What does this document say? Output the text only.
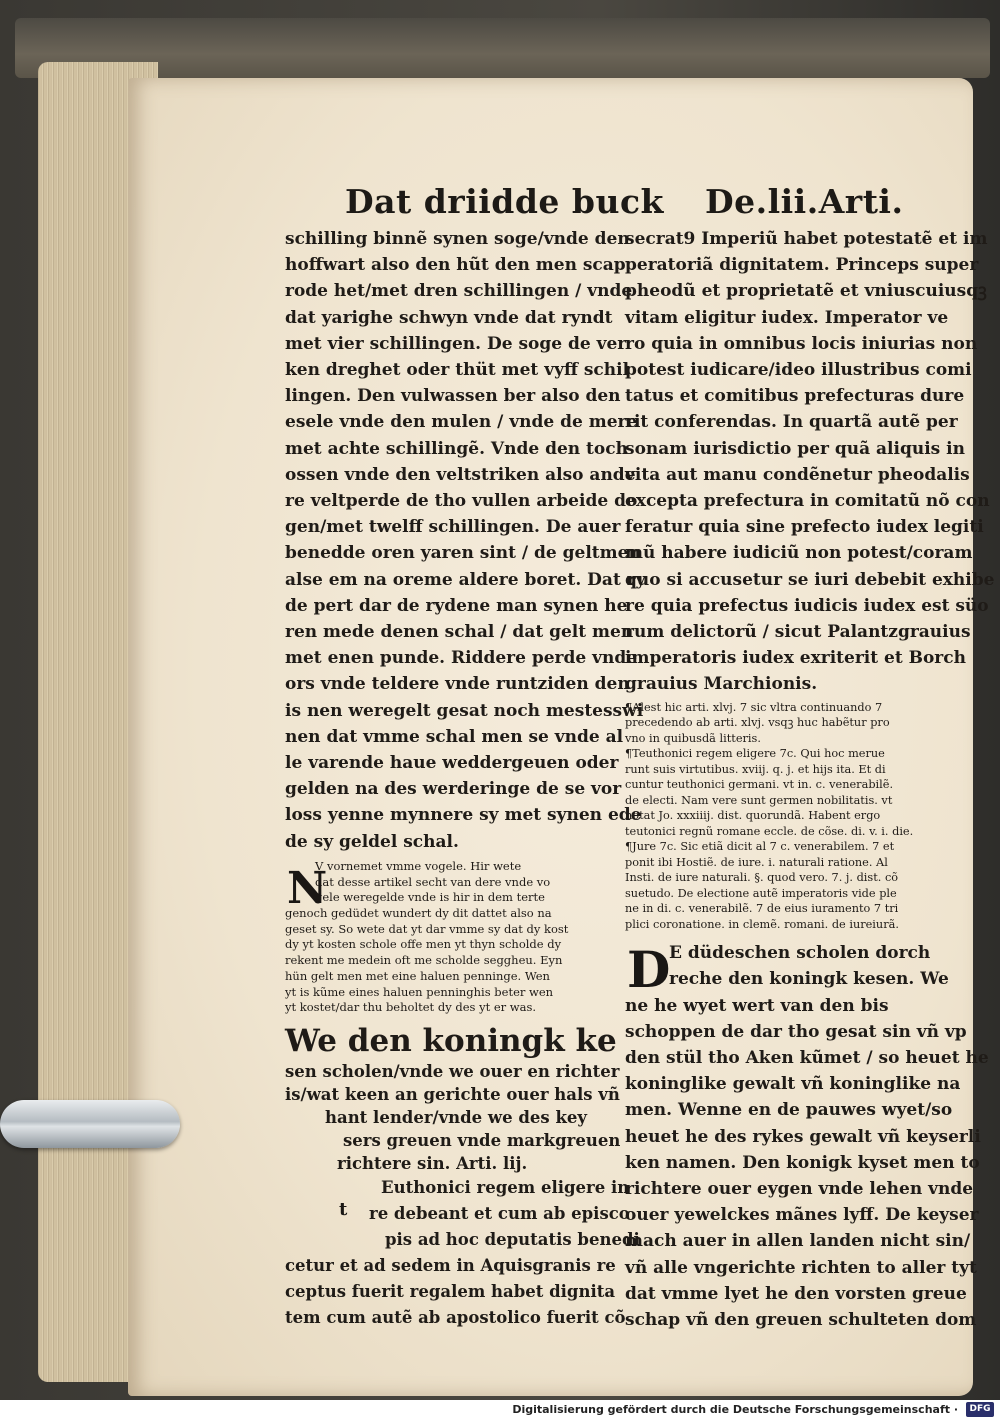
Dat driidde buck De.lii.Arti.
schilling binnẽ synen soge/vnde den
hoffwart also den hũt den men scap
rode het/met dren schillingen / vnde
dat yarighe schwyn vnde dat ryndt
met vier schillingen. De soge de ver
ken dreghet oder thüt met vyff schil
lingen. Den vulwassen ber also den
esele vnde den mulen / vnde de mere
met achte schillingẽ. Vnde den toch
ossen vnde den veltstriken also ande
re veltperde de tho vullen arbeide do
gen/met twelff schillingen. De auer
benedde oren yaren sint / de geltmen
alse em na oreme aldere boret. Dat ry
de pert dar de rydene man synen he
ren mede denen schal / dat gelt men
met enen punde. Riddere perde vnde
ors vnde teldere vnde runtziden den
is nen weregelt gesat noch mestesswi
nen dat vmme schal men se vnde al
le varende haue weddergeuen oder
gelden na des werderinge de se vor
loss yenne mynnere sy met synen ede
de sy geldel schal.
N
V vornemet vmme vogele. Hir wete
dat desse artikel secht van dere vnde vo
gele weregelde vnde is hir in dem terte
genoch gedüdet wundert dy dit dattet also na
geset sy. So wete dat yt dar vmme sy dat dy kost
dy yt kosten schole offe men yt thyn scholde dy
rekent me medein oft me scholde seggheu. Eyn
hün gelt men met eine haluen penninge. Wen
yt is kũme eines haluen penninghis beter wen
yt kostet/dar thu beholtet dy des yt er was.
We den koningk ke
sen scholen/vnde we ouer en richter
is/wat keen an gerichte ouer hals vñ
hant lender/vnde we des key
sers greuen vnde markgreuen
richtere sin. Arti. lij.
t
Euthonici regem eligere in
re debeant et cum ab episco
pis ad hoc deputatis benedi
cetur et ad sedem in Aquisgranis re
ceptus fuerit regalem habet dignita
tem cum autẽ ab apostolico fuerit cõ
secrat9 Imperiũ habet potestatẽ et im
peratoriã dignitatem. Princeps super
pheodũ et proprietatẽ et vniuscuiusqꝫ
vitam eligitur iudex. Imperator ve
ro quia in omnibus locis iniurias non
potest iudicare/ideo illustribus comi
tatus et comitibus prefecturas dure
rit conferendas. In quartã autẽ per
sonam iurisdictio per quã aliquis in
vita aut manu condẽnetur pheodalis
excepta prefectura in comitatũ nõ con
feratur quia sine prefecto iudex legiti
mũ habere iudiciũ non potest/coram
quo si accusetur se iuri debebit exhibe
re quia prefectus iudicis iudex est süo
rum delictorũ / sicut Palantzgrauius
imperatoris iudex exriterit et Borch
grauius Marchionis.
¶Alest hic arti. xlvj. 7 sic vltra continuando 7
precedendo ab arti. xlvj. vsqꝫ huc habẽtur pro
vno in quibusdã litteris.
¶Teuthonici regem eligere 7c. Qui hoc merue
runt suis virtutibus. xviij. q. j. et hijs ita. Et di
cuntur teuthonici germani. vt in. c. venerabilẽ.
de electi. Nam vere sunt germen nobilitatis. vt
notat Jo. xxxiiij. dist. quorundã. Habent ergo
teutonici regnũ romane eccle. de cõse. di. v. i. die.
¶Jure 7c. Sic etiã dicit al 7 c. venerabilem. 7 et
ponit ibi Hostiẽ. de iure. i. naturali ratione. Al
Insti. de iure naturali. §. quod vero. 7. j. dist. cõ
suetudo. De electione autẽ imperatoris vide ple
ne in di. c. venerabilẽ. 7 de eius iuramento 7 tri
plici coronatione. in clemẽ. romani. de iureiurã.
D
E düdeschen scholen dorch
reche den koningk kesen. We
ne he wyet wert van den bis
schoppen de dar tho gesat sin vñ vp
den stül tho Aken kũmet / so heuet he
koninglike gewalt vñ koninglike na
men. Wenne en de pauwes wyet/so
heuet he des rykes gewalt vñ keyserli
ken namen. Den konigk kyset men to
richtere ouer eygen vnde lehen vnde
ouer yewelckes mãnes lyff. De keyser
mach auer in allen landen nicht sin/
vñ alle vngerichte richten to aller tyt
dat vmme lyet he den vorsten greue
schap vñ den greuen schulteten dom
Digitalisierung gefördert durch die Deutsche Forschungsgemeinschaft ·	DFG
